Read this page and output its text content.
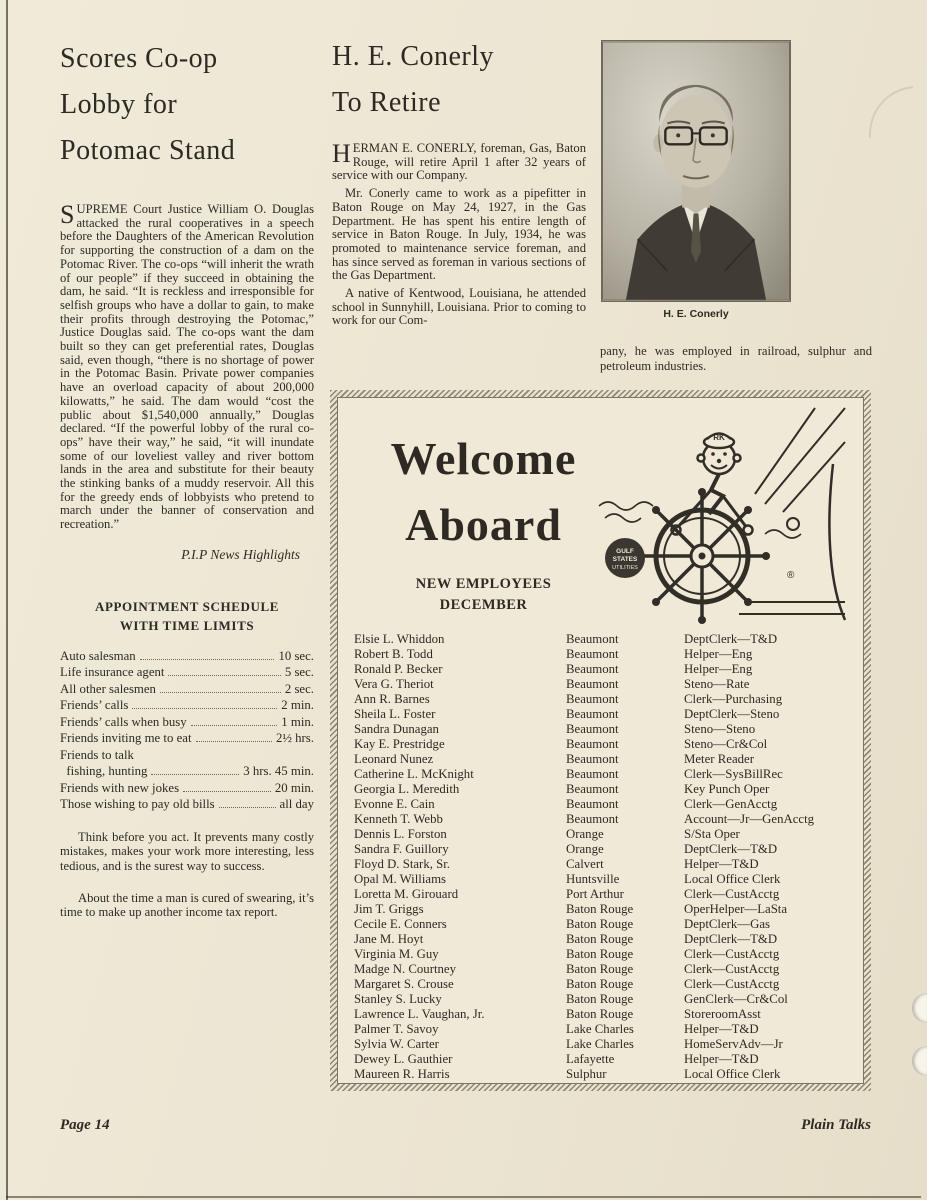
Scores Co-op
Lobby for
Potomac Stand
SUPREME Court Justice William O. Douglas attacked the rural cooperatives in a speech before the Daughters of the American Revolution for supporting the construction of a dam on the Potomac River. The co-ops “will inherit the wrath of our people” if they succeed in obtaining the dam, he said. “It is reckless and irresponsible for selfish groups who have a dollar to gain, to make their profits through destroying the Potomac,” Justice Douglas said. The co-ops want the dam built so they can get preferential rates, Douglas said, even though, “there is no shortage of power in the Potomac Basin. Private power companies have an overload capacity of about 200,000 kilowatts,” he said. The dam would “cost the public about $1,540,000 annually,” Douglas declared. “If the powerful lobby of the rural co-ops” have their way,” he said, “it will inundate some of our loveliest valley and river bottom lands in the area and substitute for their beauty the stinking banks of a muddy reservoir. All this for the greedy ends of lobbyists who pretend to march under the banner of conservation and recreation.”
P.I.P News Highlights
APPOINTMENT SCHEDULE
WITH TIME LIMITS
Auto salesman	10 sec.
Life insurance agent	5 sec.
All other salesmen	2 sec.
Friends’ calls	2 min.
Friends’ calls when busy	1 min.
Friends inviting me to eat	2½ hrs.
Friends to talk
fishing, hunting	3 hrs. 45 min.
Friends with new jokes	20 min.
Those wishing to pay old bills	all day

Think before you act. It prevents many costly mistakes, makes your work more interesting, less tedious, and is the surest way to success.

About the time a man is cured of swearing, it’s time to make up another income tax report.

H. E. Conerly
To Retire

HERMAN E. CONERLY, foreman, Gas, Baton Rouge, will retire April 1 after 32 years of service with our Company.

Mr. Conerly came to work as a pipefitter in Baton Rouge on May 24, 1927, in the Gas Department. He has spent his entire length of service in Baton Rouge. In July, 1934, he was promoted to maintenance service foreman, and has since served as foreman in various sections of the Gas Department.

A native of Kentwood, Louisiana, he attended school in Sunnyhill, Louisiana. Prior to coming to work for our Com-	H. E. Conerly
pany, he was employed in railroad, sulphur and petroleum industries.
Welcome
Aboard
NEW EMPLOYEES
DECEMBER
RK
GULF
STATES
UTILITIES
®
Elsie L. Whiddon	Beaumont	DeptClerk—T&D
Robert B. Todd	Beaumont	Helper—Eng
Ronald P. Becker	Beaumont	Helper—Eng
Vera G. Theriot	Beaumont	Steno—Rate
Ann R. Barnes	Beaumont	Clerk—Purchasing
Sheila L. Foster	Beaumont	DeptClerk—Steno
Sandra Dunagan	Beaumont	Steno—Steno
Kay E. Prestridge	Beaumont	Steno—Cr&Col
Leonard Nunez	Beaumont	Meter Reader
Catherine L. McKnight	Beaumont	Clerk—SysBillRec
Georgia L. Meredith	Beaumont	Key Punch Oper
Evonne E. Cain	Beaumont	Clerk—GenAcctg
Kenneth T. Webb	Beaumont	Account—Jr—GenAcctg
Dennis L. Forston	Orange	S/Sta Oper
Sandra F. Guillory	Orange	DeptClerk—T&D
Floyd D. Stark, Sr.	Calvert	Helper—T&D
Opal M. Williams	Huntsville	Local Office Clerk
Loretta M. Girouard	Port Arthur	Clerk—CustAcctg
Jim T. Griggs	Baton Rouge	OperHelper—LaSta
Cecile E. Conners	Baton Rouge	DeptClerk—Gas
Jane M. Hoyt	Baton Rouge	DeptClerk—T&D
Virginia M. Guy	Baton Rouge	Clerk—CustAcctg
Madge N. Courtney	Baton Rouge	Clerk—CustAcctg
Margaret S. Crouse	Baton Rouge	Clerk—CustAcctg
Stanley S. Lucky	Baton Rouge	GenClerk—Cr&Col
Lawrence L. Vaughan, Jr.	Baton Rouge	StoreroomAsst
Palmer T. Savoy	Lake Charles	Helper—T&D
Sylvia W. Carter	Lake Charles	HomeServAdv—Jr
Dewey L. Gauthier	Lafayette	Helper—T&D
Maureen R. Harris	Sulphur	Local Office Clerk
Page 14	Plain Talks
